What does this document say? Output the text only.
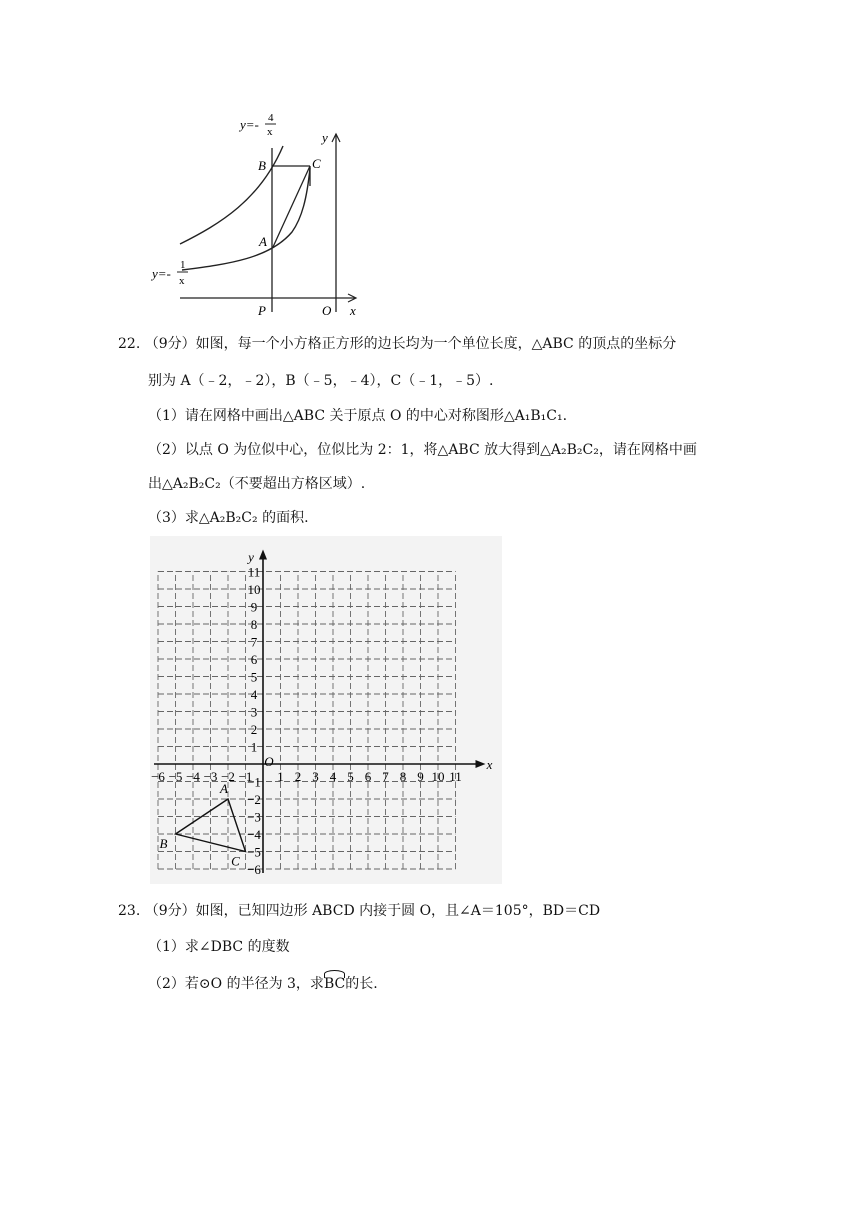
y=- 4
x
y=-
1
x
B	C
A
P	O x
y
22. （9分）如图，每一个小方格正方形的边长均为一个单位长度，△ABC 的顶点的坐标分
别为 A（﹣2，﹣2），B（﹣5，﹣4），C（﹣1，﹣5）.
（1）请在网格中画出△ABC 关于原点 O 的中心对称图形△A₁B₁C₁.
（2）以点 O 为位似中心，位似比为 2：1，将△ABC 放大得到△A₂B₂C₂，请在网格中画
出△A₂B₂C₂（不要超出方格区域）.
（3）求△A₂B₂C₂ 的面积.
−6 −5 −4 −3 −2 −1 1 2 3 4 5 6 7 8 9 10 11
1
2
3
4
5
6
7
8
9
10
11
−1
−2
−3
−4
−5
−6
O	x
y
A
B
C
23. （9分）如图，已知四边形 ABCD 内接于圆 O，且∠A＝105°，BD＝CD
（1）求∠DBC 的度数
（2）若⊙O 的半径为 3，求BC的长.
